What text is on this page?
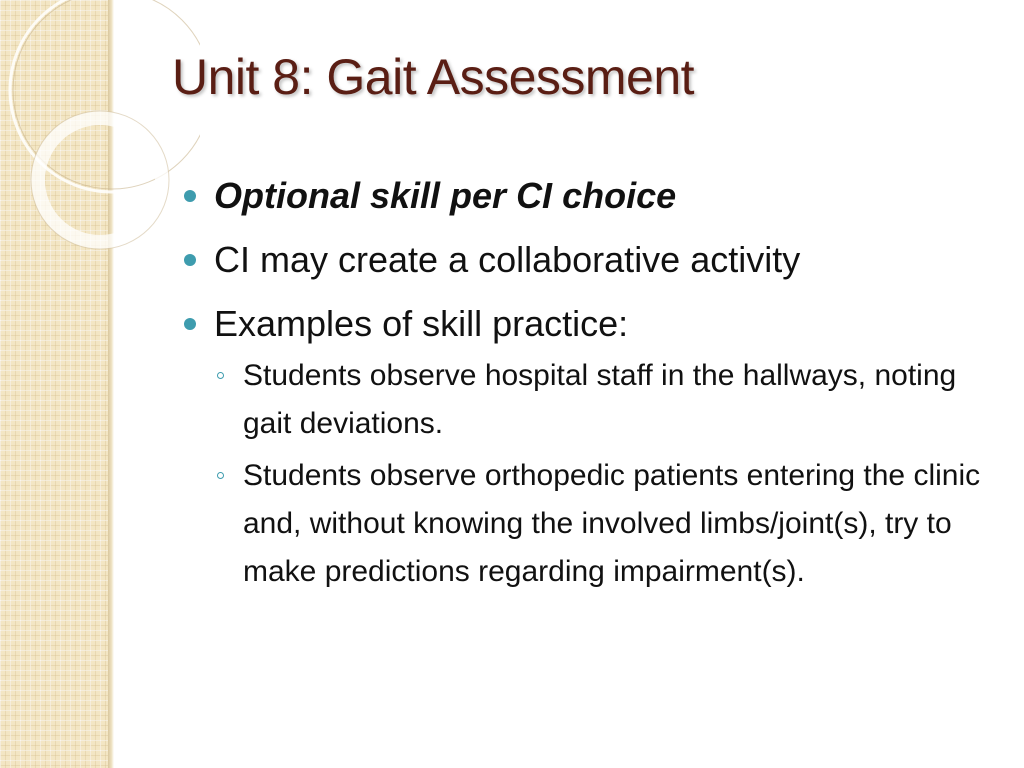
Unit 8: Gait Assessment
Optional skill per CI choice
CI may create a collaborative activity
Examples of skill practice:
Students observe hospital staff in the hallways, noting gait deviations.
Students observe orthopedic patients entering the clinic and, without knowing the involved limbs/joint(s), try to make predictions regarding impairment(s).
